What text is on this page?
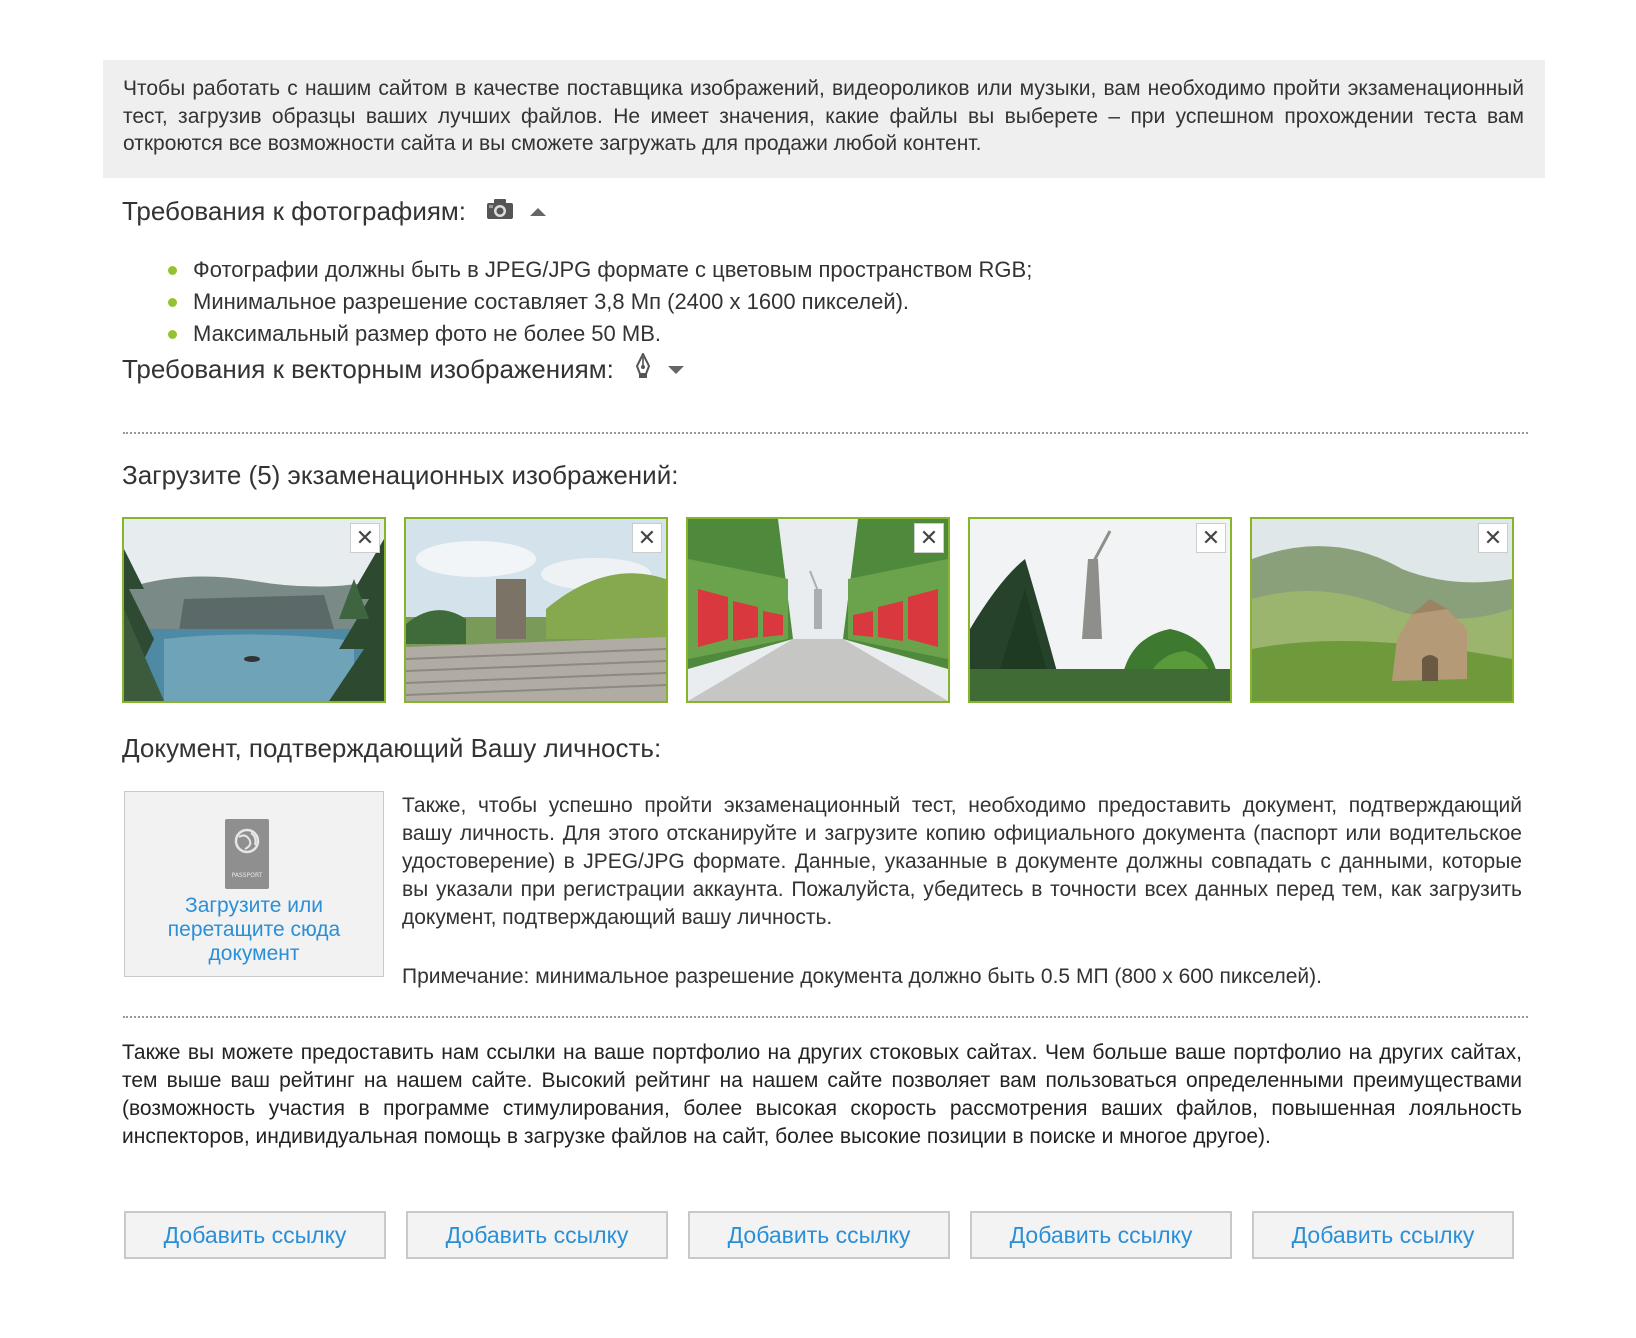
Чтобы работать с нашим сайтом в качестве поставщика изображений, видеороликов или музыки, вам необходимо пройти экзаменационный тест, загрузив образцы ваших лучших файлов. Не имеет значения, какие файлы вы выберете – при успешном прохождении теста вам откроются все возможности сайта и вы сможете загружать для продажи любой контент.
Требования к фотографиям:
Фотографии должны быть в JPEG/JPG формате с цветовым пространством RGB;
Минимальное разрешение составляет 3,8 Мп (2400 х 1600 пикселей).
Максимальный размер фото не более 50 MB.
Требования к векторным изображениям:
Загрузите (5) экзаменационных изображений:
✕	✕	✕	✕	✕
Документ, подтверждающий Вашу личность:
PASSPORT
Загрузите или перетащите сюда документ
Также, чтобы успешно пройти экзаменационный тест, необходимо предоставить документ, подтверждающий вашу личность. Для этого отсканируйте и загрузите копию официального документа (паспорт или водительское удостоверение) в JPEG/JPG формате. Данные, указанные в документе должны совпадать с данными, которые вы указали при регистрации аккаунта. Пожалуйста, убедитесь в точности всех данных перед тем, как загрузить документ, подтверждающий вашу личность.
Примечание: минимальное разрешение документа должно быть 0.5 МП (800 х 600 пикселей).
Также вы можете предоставить нам ссылки на ваше портфолио на других стоковых сайтах. Чем больше ваше портфолио на других сайтах, тем выше ваш рейтинг на нашем сайте. Высокий рейтинг на нашем сайте позволяет вам пользоваться определенными преимуществами (возможность участия в программе стимулирования, более высокая скорость рассмотрения ваших файлов, повышенная лояльность инспекторов, индивидуальная помощь в загрузке файлов на сайт, более высокие позиции в поиске и многое другое).
Добавить ссылку	Добавить ссылку	Добавить ссылку	Добавить ссылку	Добавить ссылку
